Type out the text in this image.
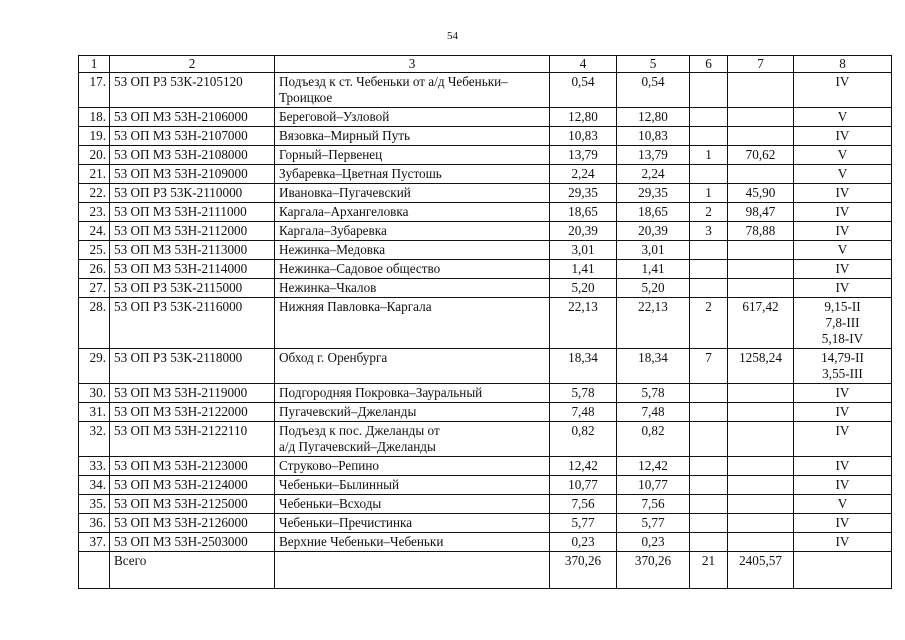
54
1	2	3	4	5	6	7	8
17.	53 ОП РЗ 53К-2105120	Подъезд к ст. Чебеньки от а/д Чебеньки–
Троицкое	0,54	0,54			IV

18.	53 ОП МЗ 53Н-2106000	Береговой–Узловой	12,80	12,80			V

19.	53 ОП МЗ 53Н-2107000	Вязовка–Мирный Путь	10,83	10,83			IV

20.	53 ОП МЗ 53Н-2108000	Горный–Первенец	13,79	13,79	1	70,62	V

21.	53 ОП МЗ 53Н-2109000	Зубаревка–Цветная Пустошь	2,24	2,24			V

22.	53 ОП РЗ 53К-2110000	Ивановка–Пугачевский	29,35	29,35	1	45,90	IV

23.	53 ОП МЗ 53Н-2111000	Каргала–Архангеловка	18,65	18,65	2	98,47	IV

24.	53 ОП МЗ 53Н-2112000	Каргала–Зубаревка	20,39	20,39	3	78,88	IV

25.	53 ОП МЗ 53Н-2113000	Нежинка–Медовка	3,01	3,01			V

26.	53 ОП МЗ 53Н-2114000	Нежинка–Садовое общество	1,41	1,41			IV

27.	53 ОП РЗ 53К-2115000	Нежинка–Чкалов	5,20	5,20			IV

28.	53 ОП РЗ 53К-2116000	Нижняя Павловка–Каргала	22,13	22,13	2	617,42	9,15-II
7,8-III
5,18-IV

29.	53 ОП РЗ 53К-2118000	Обход г. Оренбурга	18,34	18,34	7	1258,24	14,79-II
3,55-III

30.	53 ОП МЗ 53Н-2119000	Подгородняя Покровка–Зауральный	5,78	5,78			IV

31.	53 ОП МЗ 53Н-2122000	Пугачевский–Джеланды	7,48	7,48			IV

32.	53 ОП МЗ 53Н-2122110	Подъезд к пос. Джеланды от
а/д Пугачевский–Джеланды	0,82	0,82			IV

33.	53 ОП МЗ 53Н-2123000	Струково–Репино	12,42	12,42			IV

34.	53 ОП МЗ 53Н-2124000	Чебеньки–Былинный	10,77	10,77			IV

35.	53 ОП МЗ 53Н-2125000	Чебеньки–Всходы	7,56	7,56			V

36.	53 ОП МЗ 53Н-2126000	Чебеньки–Пречистинка	5,77	5,77			IV

37.	53 ОП МЗ 53Н-2503000	Верхние Чебеньки–Чебеньки	0,23	0,23			IV

	Всего		370,26	370,26	21	2405,57	
